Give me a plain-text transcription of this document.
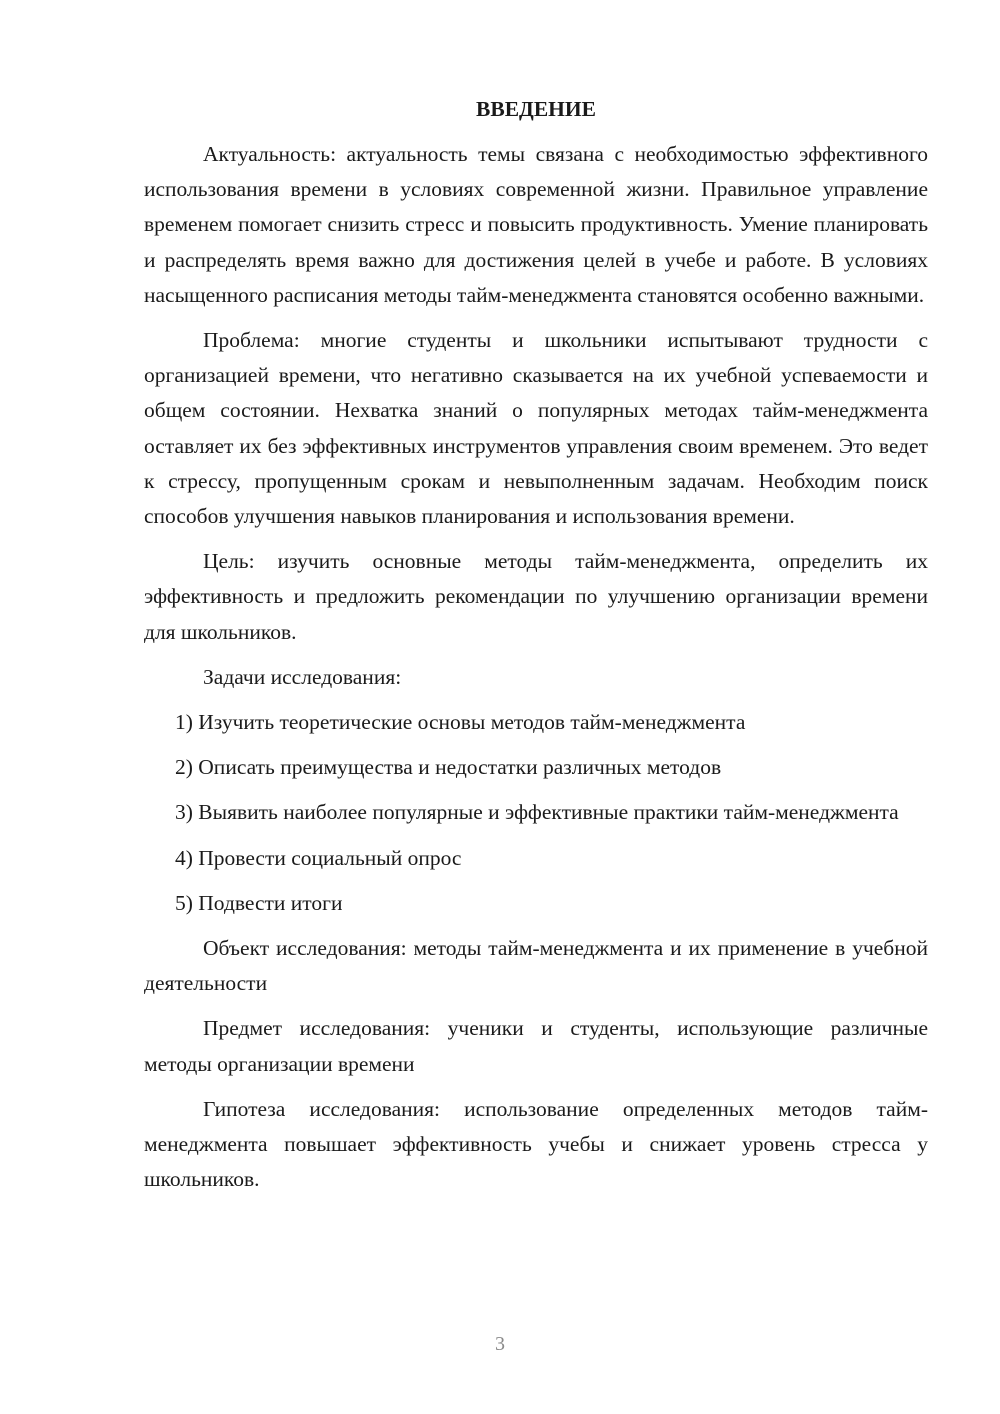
ВВЕДЕНИЕ

Актуальность: актуальность темы связана с необходимостью эффективного использования времени в условиях современной жизни. Правильное управление временем помогает снизить стресс и повысить продуктивность. Умение планировать и распределять время важно для достижения целей в учебе и работе. В условиях насыщенного расписания методы тайм-менеджмента становятся особенно важными.

Проблема: многие студенты и школьники испытывают трудности с организацией времени, что негативно сказывается на их учебной успеваемости и общем состоянии. Нехватка знаний о популярных методах тайм-менеджмента оставляет их без эффективных инструментов управления своим временем. Это ведет к стрессу, пропущенным срокам и невыполненным задачам. Необходим поиск способов улучшения навыков планирования и использования времени.

Цель: изучить основные методы тайм-менеджмента, определить их эффективность и предложить рекомендации по улучшению организации времени для школьников.

Задачи исследования:

1) Изучить теоретические основы методов тайм-менеджмента

2) Описать преимущества и недостатки различных методов

3) Выявить наиболее популярные и эффективные практики тайм-менеджмента

4) Провести социальный опрос

5) Подвести итоги

Объект исследования: методы тайм-менеджмента и их применение в учебной деятельности

Предмет исследования: ученики и студенты, использующие различные методы организации времени

Гипотеза исследования: использование определенных методов тайм-менеджмента повышает эффективность учебы и снижает уровень стресса у школьников.

3
